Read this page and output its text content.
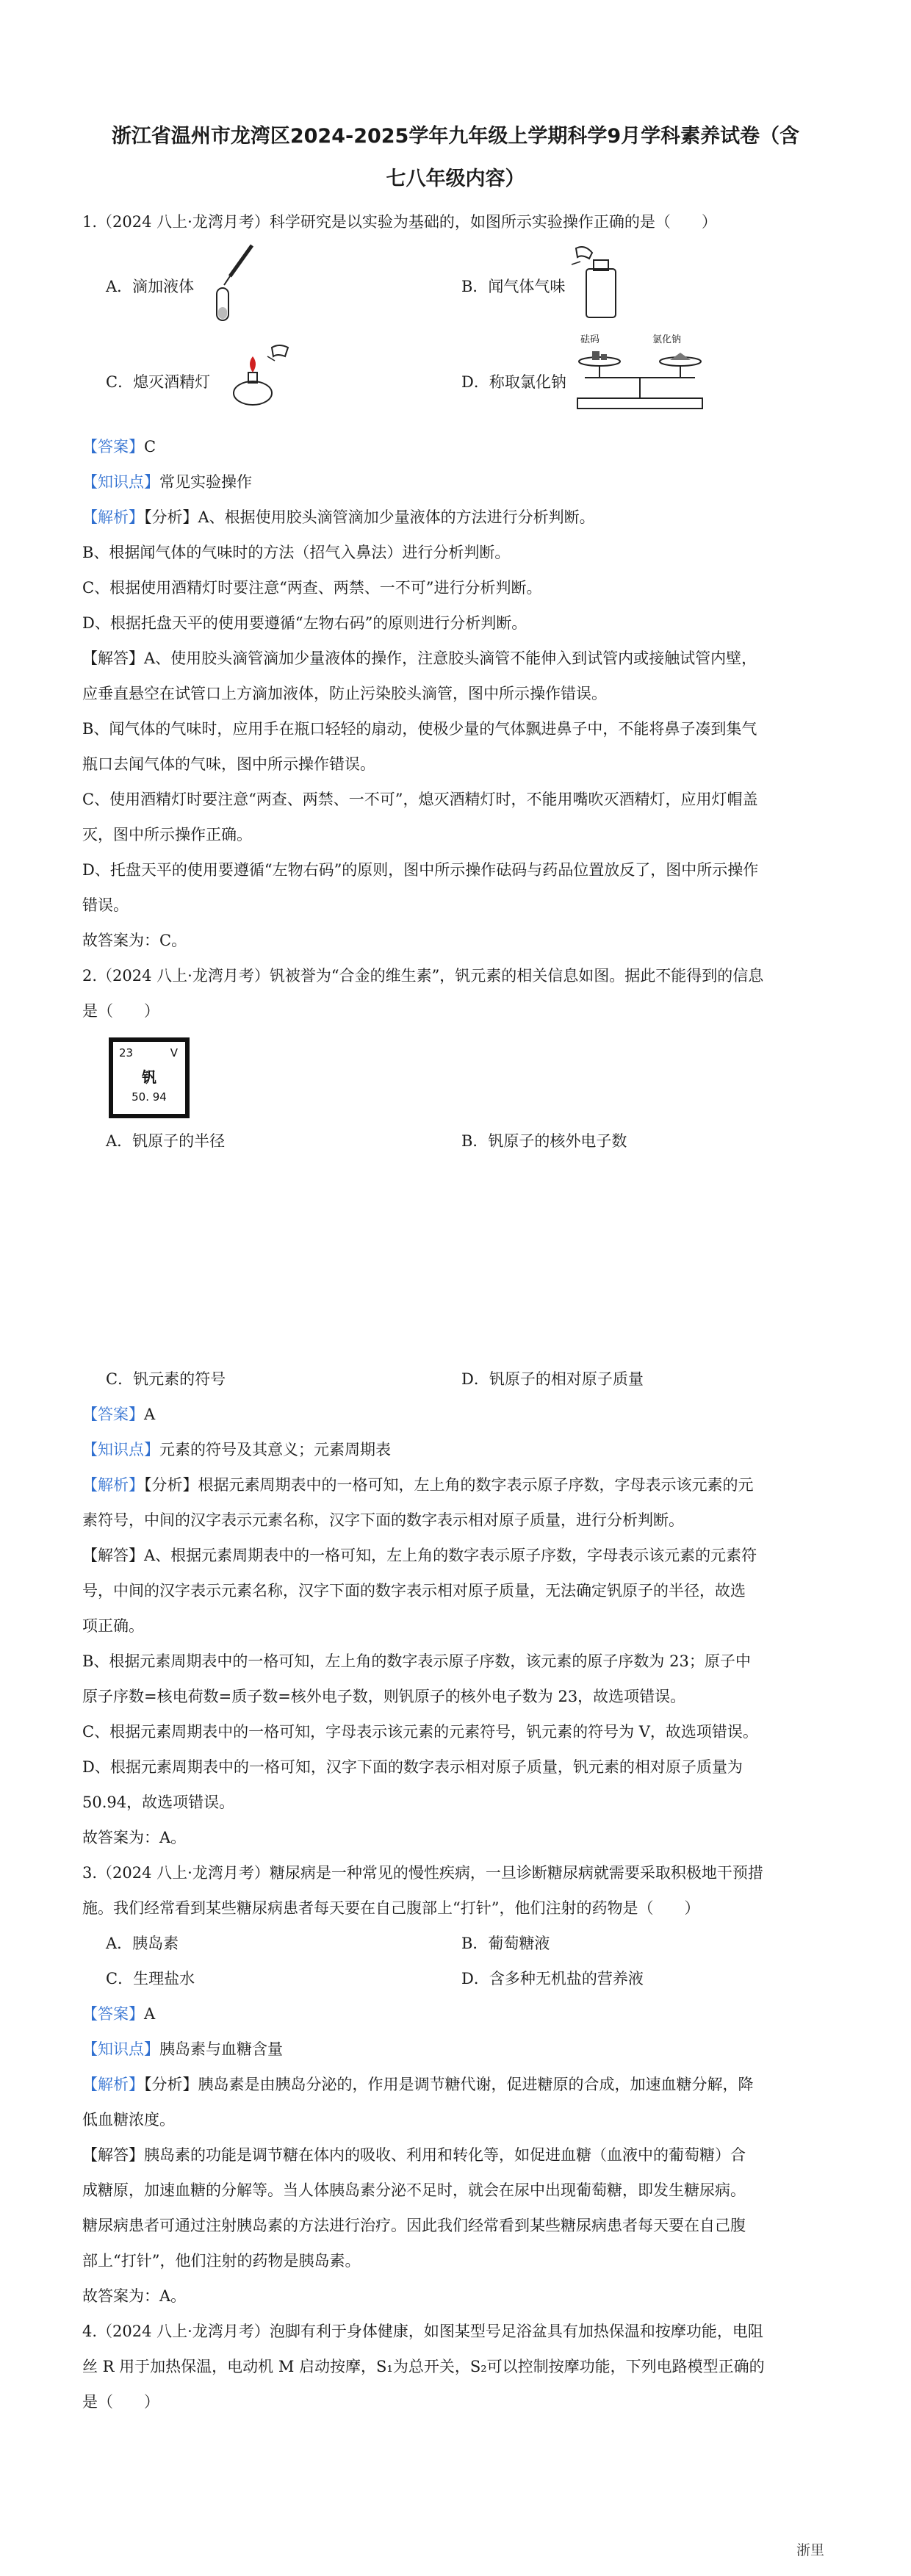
浙江省温州市龙湾区2024-2025学年九年级上学期科学9月学科素养试卷（含
七八年级内容）
1.（2024 八上·龙湾月考）科学研究是以实验为基础的，如图所示实验操作正确的是（　　）
A．滴加液体	B．闻气体气味
C．熄灭酒精灯	D．称取氯化钠
砝码	氯化钠
【答案】C
【知识点】常见实验操作
【解析】【分析】A、根据使用胶头滴管滴加少量液体的方法进行分析判断。
B、根据闻气体的气味时的方法（招气入鼻法）进行分析判断。
C、根据使用酒精灯时要注意“两查、两禁、一不可”进行分析判断。
D、根据托盘天平的使用要遵循“左物右码”的原则进行分析判断。
【解答】A、使用胶头滴管滴加少量液体的操作，注意胶头滴管不能伸入到试管内或接触试管内壁，
应垂直悬空在试管口上方滴加液体，防止污染胶头滴管，图中所示操作错误。
B、闻气体的气味时，应用手在瓶口轻轻的扇动，使极少量的气体飘进鼻子中，不能将鼻子凑到集气
瓶口去闻气体的气味，图中所示操作错误。
C、使用酒精灯时要注意“两查、两禁、一不可”，熄灭酒精灯时，不能用嘴吹灭酒精灯，应用灯帽盖
灭，图中所示操作正确。
D、托盘天平的使用要遵循“左物右码”的原则，图中所示操作砝码与药品位置放反了，图中所示操作
错误。
故答案为：C。
2.（2024 八上·龙湾月考）钒被誉为“合金的维生素”，钒元素的相关信息如图。据此不能得到的信息
是（　　）
23	V
钒
50. 94
A．钒原子的半径	B．钒原子的核外电子数
C．钒元素的符号	D．钒原子的相对原子质量
【答案】A
【知识点】元素的符号及其意义；元素周期表
【解析】【分析】根据元素周期表中的一格可知，左上角的数字表示原子序数，字母表示该元素的元
素符号，中间的汉字表示元素名称，汉字下面的数字表示相对原子质量，进行分析判断。
【解答】A、根据元素周期表中的一格可知，左上角的数字表示原子序数，字母表示该元素的元素符
号，中间的汉字表示元素名称，汉字下面的数字表示相对原子质量，无法确定钒原子的半径，故选
项正确。
B、根据元素周期表中的一格可知，左上角的数字表示原子序数，该元素的原子序数为 23；原子中
原子序数=核电荷数=质子数=核外电子数，则钒原子的核外电子数为 23，故选项错误。
C、根据元素周期表中的一格可知，字母表示该元素的元素符号，钒元素的符号为 V，故选项错误。
D、根据元素周期表中的一格可知，汉字下面的数字表示相对原子质量，钒元素的相对原子质量为
50.94，故选项错误。
故答案为：A。
3.（2024 八上·龙湾月考）糖尿病是一种常见的慢性疾病，一旦诊断糖尿病就需要采取积极地干预措
施。我们经常看到某些糖尿病患者每天要在自己腹部上“打针”，他们注射的药物是（　　）
A．胰岛素	B．葡萄糖液
C．生理盐水	D．含多种无机盐的营养液
【答案】A
【知识点】胰岛素与血糖含量
【解析】【分析】胰岛素是由胰岛分泌的，作用是调节糖代谢，促进糖原的合成，加速血糖分解，降
低血糖浓度。
【解答】胰岛素的功能是调节糖在体内的吸收、利用和转化等，如促进血糖（血液中的葡萄糖）合
成糖原，加速血糖的分解等。当人体胰岛素分泌不足时，就会在尿中出现葡萄糖，即发生糖尿病。
糖尿病患者可通过注射胰岛素的方法进行治疗。因此我们经常看到某些糖尿病患者每天要在自己腹
部上“打针”，他们注射的药物是胰岛素。
故答案为：A。
4.（2024 八上·龙湾月考）泡脚有利于身体健康，如图某型号足浴盆具有加热保温和按摩功能，电阻
丝 R 用于加热保温，电动机 M 启动按摩，S₁为总开关，S₂可以控制按摩功能，下列电路模型正确的
是（　　）
浙里
